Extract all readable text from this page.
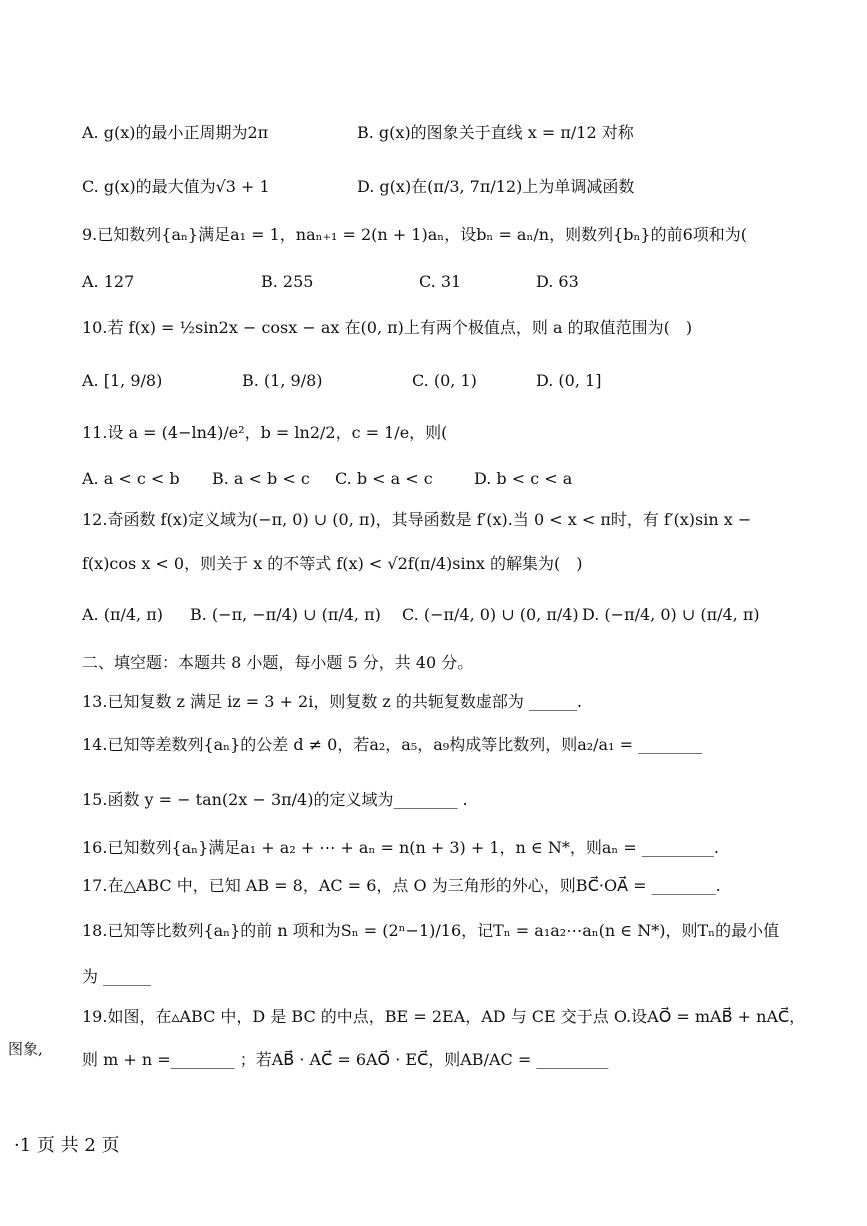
A. g(x)的最小正周期为2π	B. g(x)的图象关于直线 x = π/12 对称
C. g(x)的最大值为√3 + 1	D. g(x)在(π/3, 7π/12)上为单调减函数
9.已知数列{aₙ}满足a₁ = 1，naₙ₊₁ = 2(n + 1)aₙ，设bₙ = aₙ/n，则数列{bₙ}的前6项和为(
A. 127	B. 255	C. 31	D. 63
10.若 f(x) = ½sin2x − cosx − ax 在(0, π)上有两个极值点，则 a 的取值范围为(　)
A. [1, 9/8)	B. (1, 9/8)	C. (0, 1)	D. (0, 1]
11.设 a = (4−ln4)/e²，b = ln2/2，c = 1/e，则(
A. a < c < b B. a < b < c C. b < a < c	D. b < c < a
12.奇函数 f(x)定义域为(−π, 0) ∪ (0, π)，其导函数是 f′(x).当 0 < x < π时，有 f′(x)sin x −
f(x)cos x < 0，则关于 x 的不等式 f(x) < √2f(π/4)sinx 的解集为(　)
A. (π/4, π) B. (−π, −π/4) ∪ (π/4, π) C. (−π/4, 0) ∪ (0, π/4) D. (−π/4, 0) ∪ (π/4, π)
二、填空题：本题共 8 小题，每小题 5 分，共 40 分。
13.已知复数 z 满足 iz = 3 + 2i，则复数 z 的共轭复数虚部为 ______.
14.已知等差数列{aₙ}的公差 d ≠ 0，若a₂，a₅，a₉构成等比数列，则a₂/a₁ = ________
15.函数 y = − tan(2x − 3π/4)的定义域为________ .
16.已知数列{aₙ}满足a₁ + a₂ + ⋯ + aₙ = n(n + 3) + 1，n ∈ N*，则aₙ = _________.
17.在△ABC 中，已知 AB = 8，AC = 6，点 O 为三角形的外心，则BC⃗·OA⃗ = ________.
18.已知等比数列{aₙ}的前 n 项和为Sₙ = (2ⁿ−1)/16，记Tₙ = a₁a₂⋯aₙ(n ∈ N*)，则Tₙ的最小值
为 ______
19.如图，在▵ABC 中，D 是 BC 的中点，BE = 2EA，AD 与 CE 交于点 O.设AO⃗ = mAB⃗ + nAC⃗，
则 m + n =________ ；若AB⃗ · AC⃗ = 6AO⃗ · EC⃗，则AB/AC = _________
图象,
·1 页 共 2 页
